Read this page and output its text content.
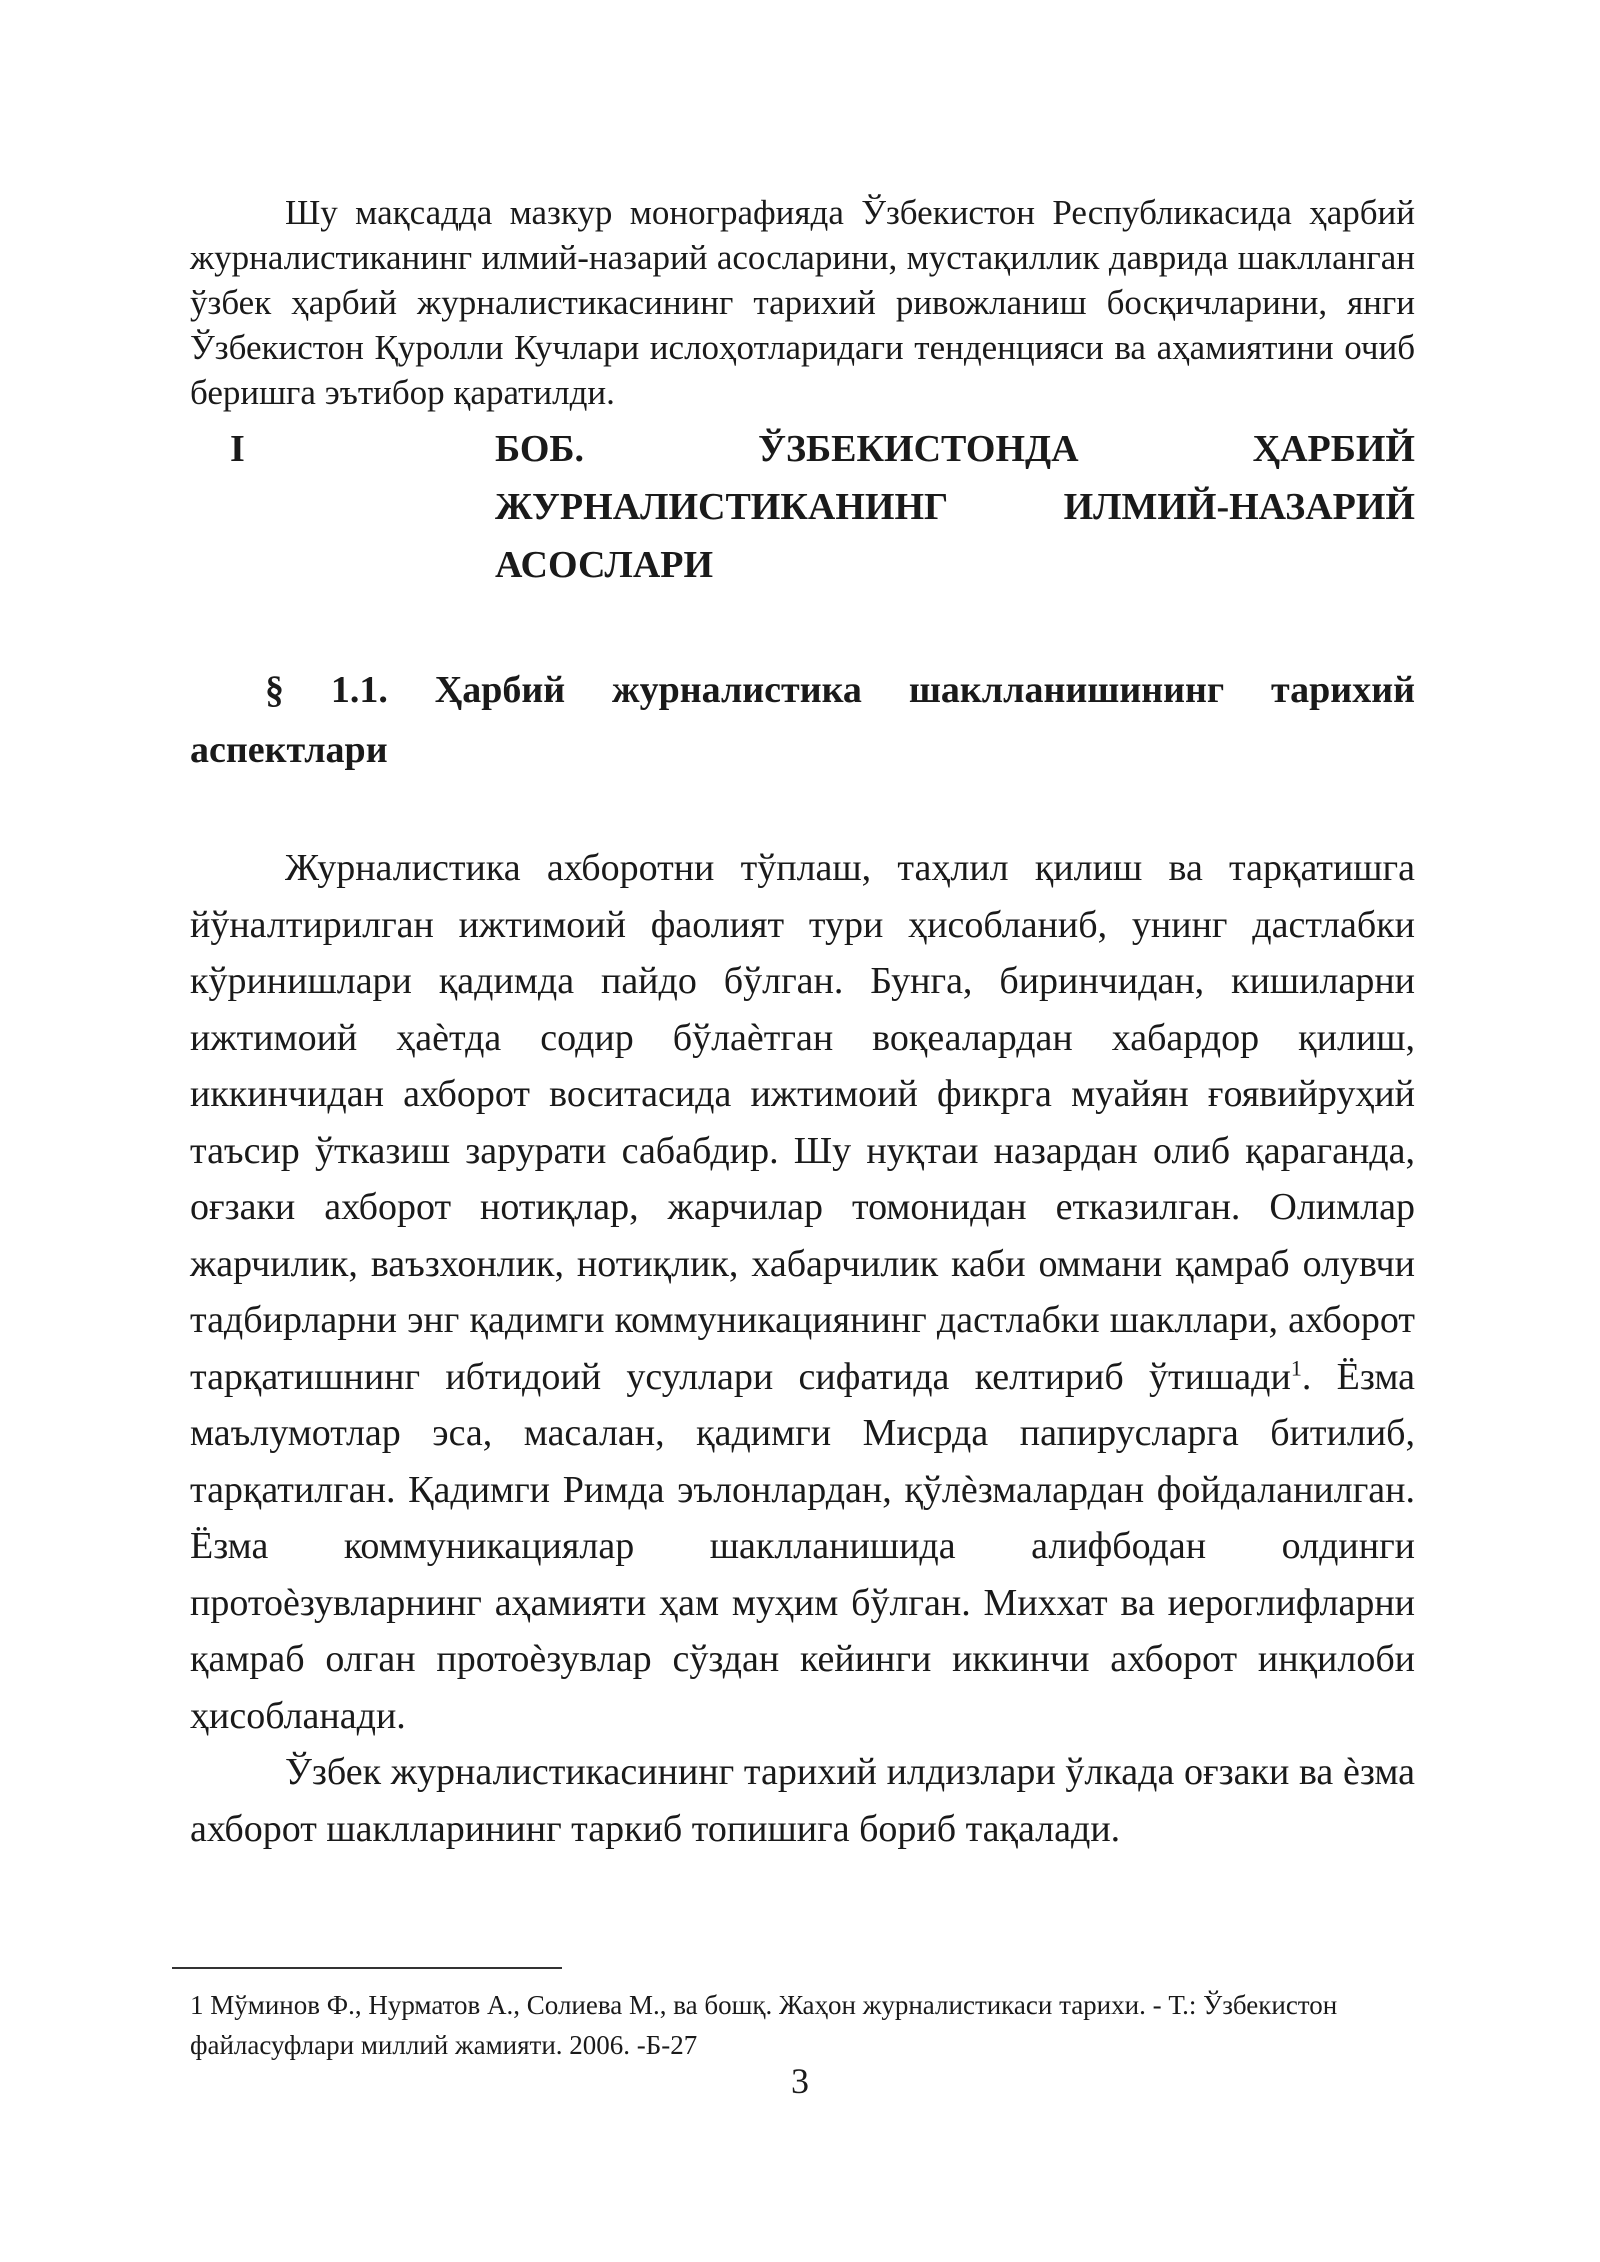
Шу мақсадда мазкур монографияда Ўзбекистон Республикасида ҳарбий журналистиканинг илмий-назарий асосларини, мустақиллик даврида шаклланган ўзбек ҳарбий журналистикасининг тарихий ривожланиш босқичларини, янги Ўзбекистон Қуролли Кучлари ислоҳотларидаги тенденцияси ва аҳамиятини очиб беришга эътибор қаратилди.

I	БОБ. ЎЗБЕКИСТОНДА ҲАРБИЙ ЖУРНАЛИСТИКАНИНГ ИЛМИЙ-НАЗАРИЙ АСОСЛАРИ

§ 1.1. Ҳарбий журналистика шаклланишининг тарихий аспектлари

Журналистика ахборотни тўплаш, таҳлил қилиш ва тарқатишга йўналтирилган ижтимоий фаолият тури ҳисобланиб, унинг дастлабки кўринишлари қадимда пайдо бўлган. Бунга, биринчидан, кишиларни ижтимоий ҳаѐтда содир бўлаѐтган воқеалардан хабардор қилиш, иккинчидан ахборот воситасида ижтимоий фикрга муайян ғоявийруҳий таъсир ўтказиш зарурати сабабдир. Шу нуқтаи назардан олиб қараганда, оғзаки ахборот нотиқлар, жарчилар томонидан етказилган. Олимлар жарчилик, ваъзхонлик, нотиқлик, хабарчилик каби оммани қамраб олувчи тадбирларни энг қадимги коммуникациянинг дастлабки шакллари, ахборот тарқатишнинг ибтидоий усуллари сифатида келтириб ўтишади$^1$. Ёзма маълумотлар эса, масалан, қадимги Мисрда папирусларга битилиб, тарқатилган. Қадимги Римда эълонлардан, қўлѐзмалардан фойдаланилган. Ёзма коммуникациялар шаклланишида алифбодан олдинги протоѐзувларнинг аҳамияти ҳам муҳим бўлган. Миххат ва иероглифларни қамраб олган протоѐзувлар сўздан кейинги иккинчи ахборот инқилоби ҳисобланади.

Ўзбек журналистикасининг тарихий илдизлари ўлкада оғзаки ва ѐзма ахборот шаклларининг таркиб топишига бориб тақалади.

1 Мўминов Ф., Нурматов А., Солиева М., ва бошқ. Жаҳон журналистикаси тарихи. - Т.: Ўзбекистон файласуфлари миллий жамияти. 2006. -Б-27

3
